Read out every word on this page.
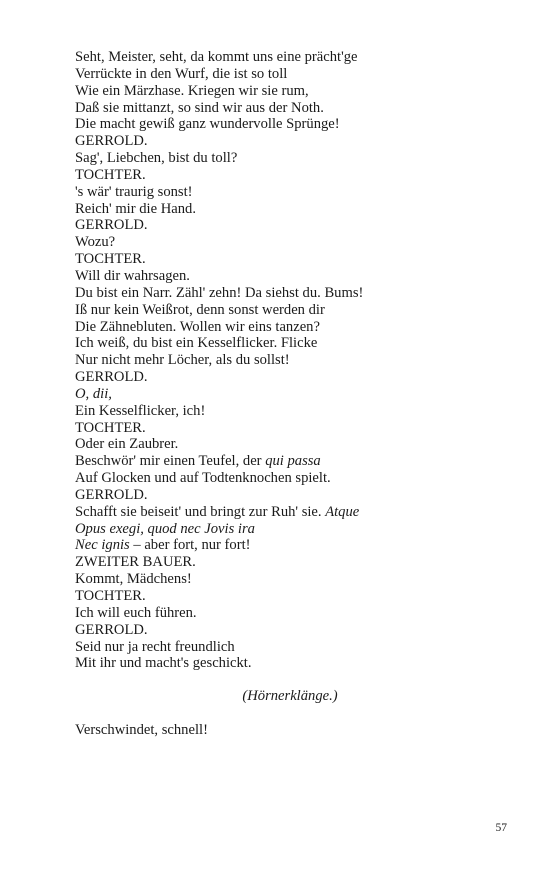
Seht, Meister, seht, da kommt uns eine prächt'ge
Verrückte in den Wurf, die ist so toll
Wie ein Märzhase. Kriegen wir sie rum,
Daß sie mittanzt, so sind wir aus der Noth.
Die macht gewiß ganz wundervolle Sprünge!
GERROLD.
Sag', Liebchen, bist du toll?
TOCHTER.
's wär' traurig sonst!
Reich' mir die Hand.
GERROLD.
Wozu?
TOCHTER.
Will dir wahrsagen.
Du bist ein Narr. Zähl' zehn! Da siehst du. Bums!
Iß nur kein Weißrot, denn sonst werden dir
Die Zähnebluten. Wollen wir eins tanzen?
Ich weiß, du bist ein Kesselflicker. Flicke
Nur nicht mehr Löcher, als du sollst!
GERROLD.
O, dii,
Ein Kesselflicker, ich!
TOCHTER.
Oder ein Zaubrer.
Beschwör' mir einen Teufel, der qui passa
Auf Glocken und auf Todtenknochen spielt.
GERROLD.
Schafft sie beiseit' und bringt zur Ruh' sie. Atque
Opus exegi, quod nec Jovis ira
Nec ignis – aber fort, nur fort!
ZWEITER BAUER.
Kommt, Mädchens!
TOCHTER.
Ich will euch führen.
GERROLD.
Seid nur ja recht freundlich
Mit ihr und macht's geschickt.
(Hörnerklänge.)
Verschwindet, schnell!
57
